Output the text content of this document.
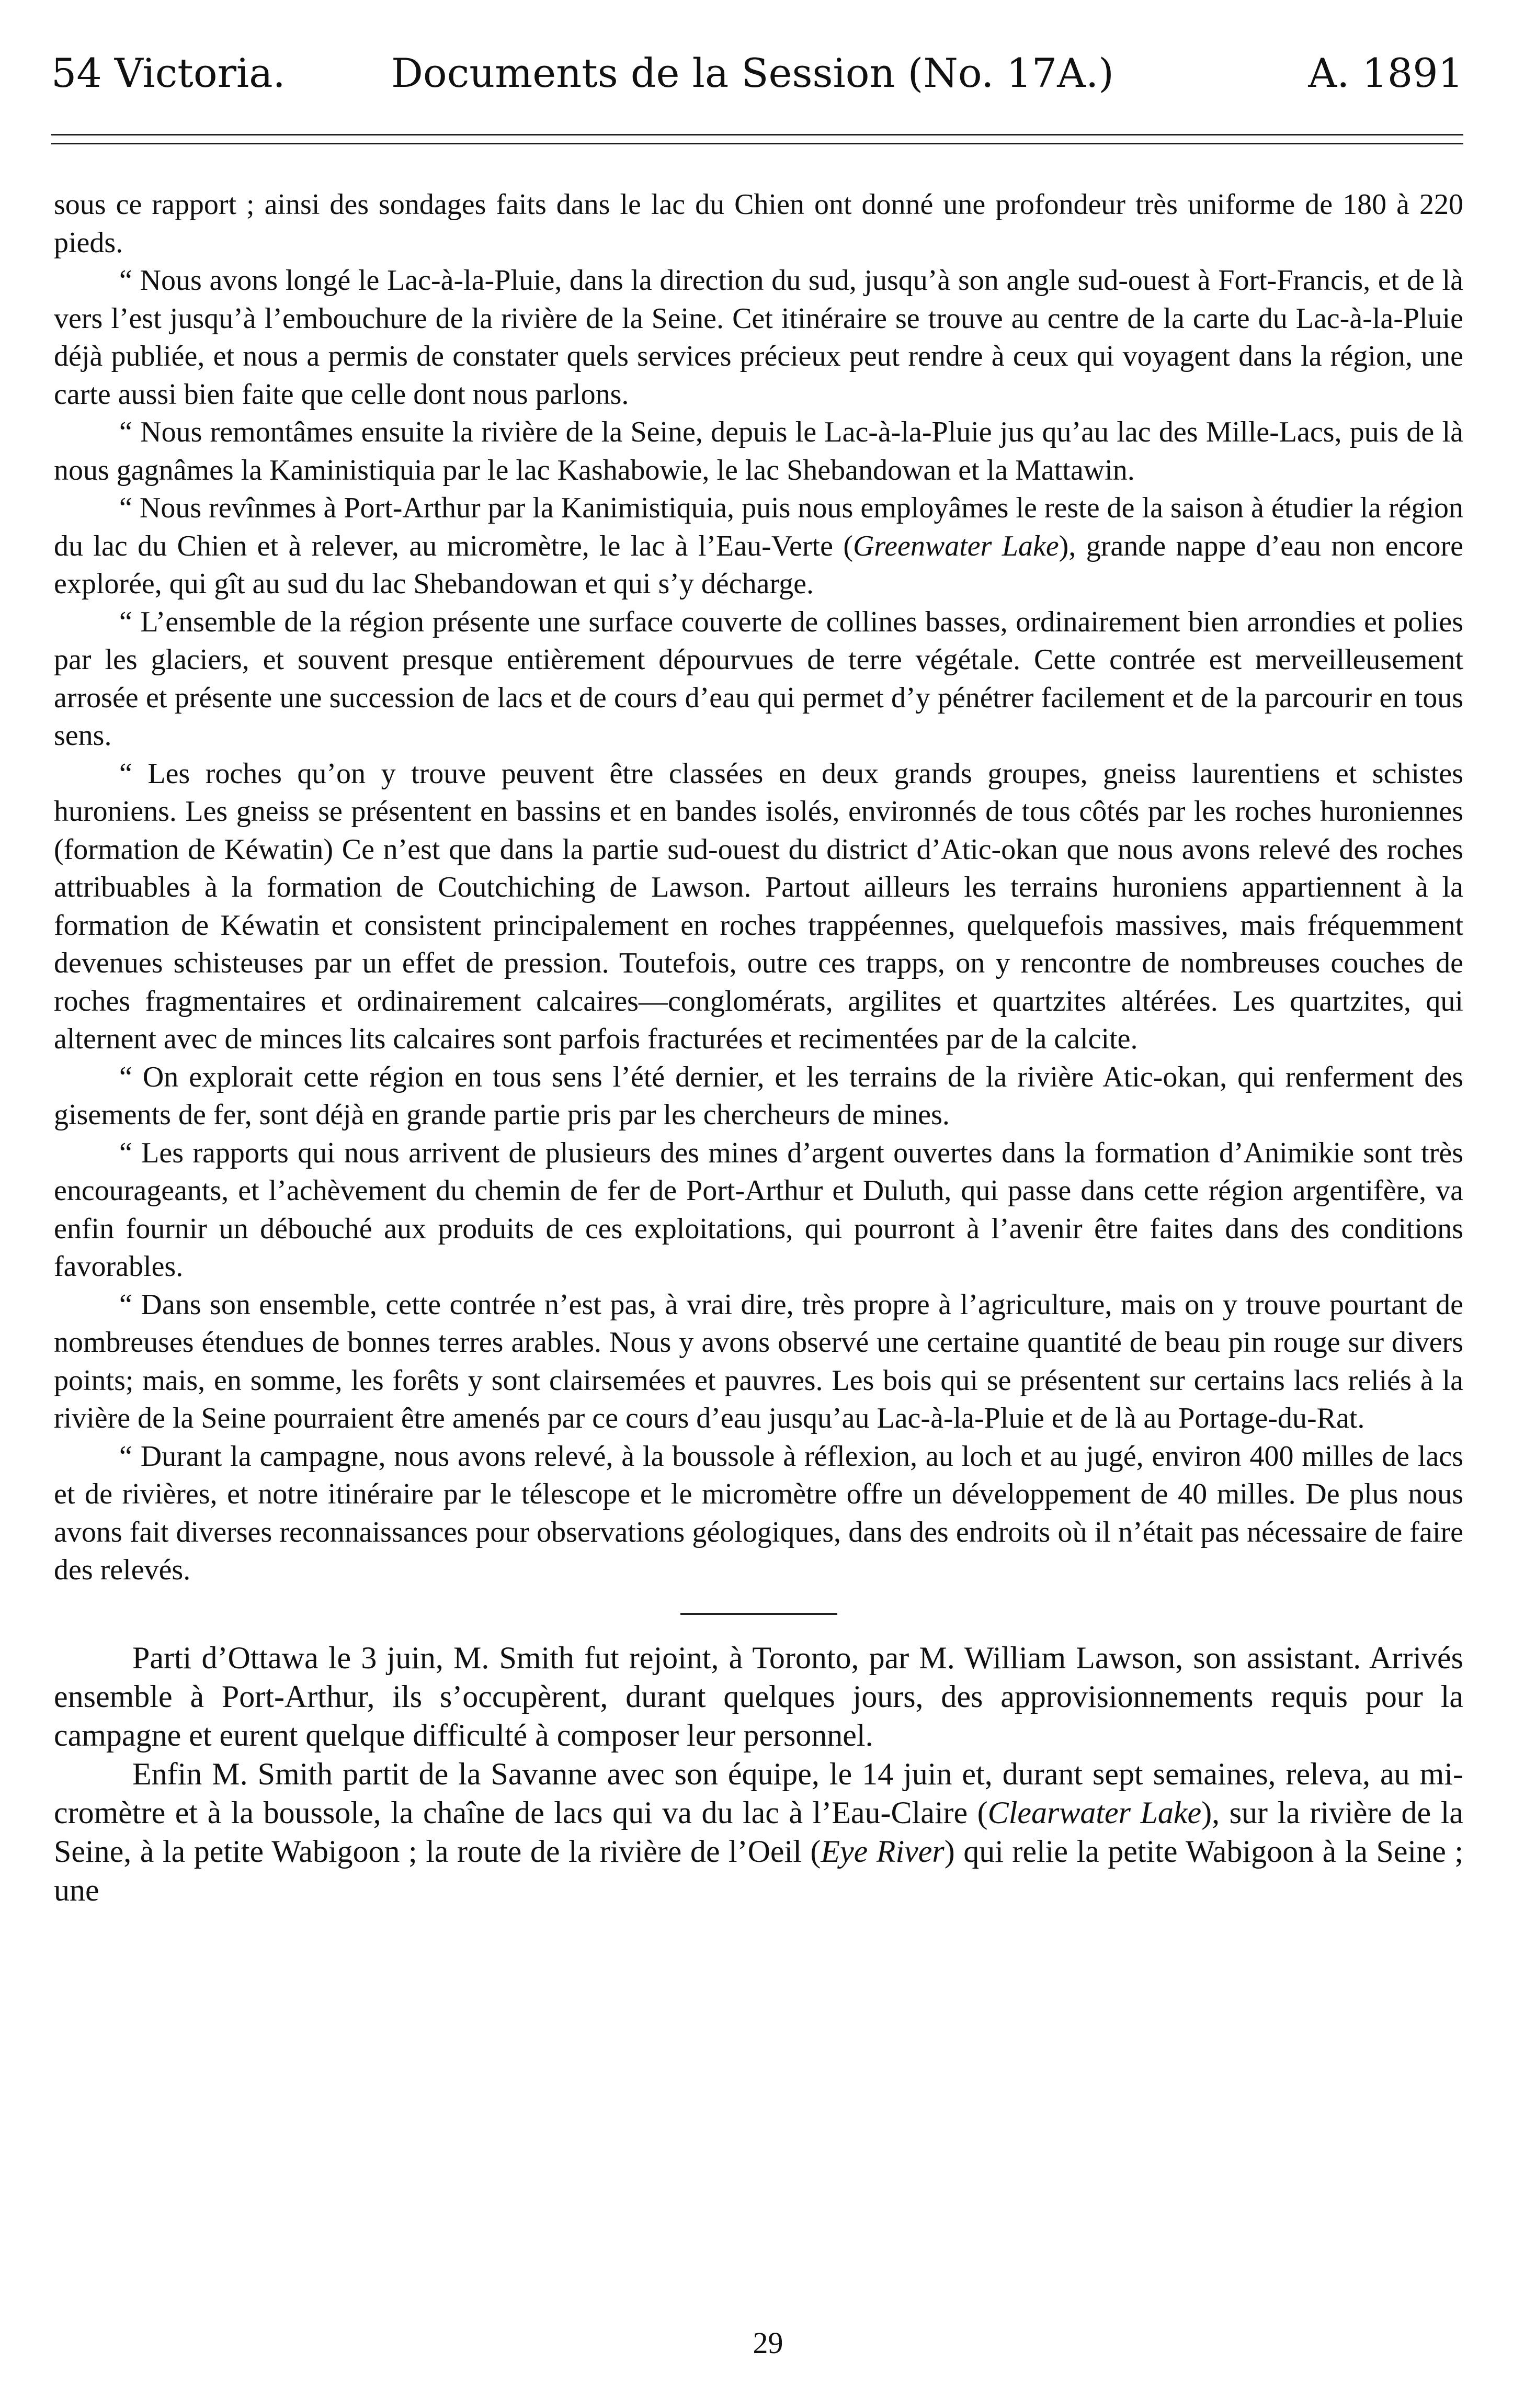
54 Victoria.	Documents de la Session (No. 17A.)	A. 1891

sous ce rapport ; ainsi des sondages faits dans le lac du Chien ont donné une profondeur très uniforme de 180 à 220 pieds.

“ Nous avons longé le Lac-à-la-Pluie, dans la direction du sud, jusqu’à son angle sud-ouest à Fort-Francis, et de là vers l’est jusqu’à l’embouchure de la rivière de la Seine. Cet itinéraire se trouve au centre de la carte du Lac-à-la-Pluie déjà publiée, et nous a permis de constater quels services précieux peut rendre à ceux qui voyagent dans la région, une carte aussi bien faite que celle dont nous parlons.

“ Nous remontâmes ensuite la rivière de la Seine, depuis le Lac-à-la-Pluie jus qu’au lac des Mille-Lacs, puis de là nous gagnâmes la Kaministiquia par le lac Kashabowie, le lac Shebandowan et la Mattawin.

“ Nous revînmes à Port-Arthur par la Kanimistiquia, puis nous employâmes le reste de la saison à étudier la région du lac du Chien et à relever, au micromètre, le lac à l’Eau-Verte (Greenwater Lake), grande nappe d’eau non encore explorée, qui gît au sud du lac Shebandowan et qui s’y décharge.

“ L’ensemble de la région présente une surface couverte de collines basses, ordinairement bien arrondies et polies par les glaciers, et souvent presque entièrement dépourvues de terre végétale. Cette contrée est merveilleusement arrosée et présente une succession de lacs et de cours d’eau qui permet d’y pénétrer facilement et de la parcourir en tous sens.

“ Les roches qu’on y trouve peuvent être classées en deux grands groupes, gneiss laurentiens et schistes huroniens. Les gneiss se présentent en bassins et en bandes isolés, environnés de tous côtés par les roches huroniennes (formation de Kéwatin) Ce n’est que dans la partie sud-ouest du district d’Atic-okan que nous avons relevé des roches attribuables à la formation de Coutchiching de Lawson. Partout ailleurs les terrains huroniens appartiennent à la formation de Kéwatin et consistent principalement en roches trappéennes, quelquefois massives, mais fréquemment devenues schisteuses par un effet de pression. Toutefois, outre ces trapps, on y rencontre de nombreuses couches de roches fragmentaires et ordinairement calcaires—conglomérats, argilites et quartzites altérées. Les quartzites, qui alternent avec de minces lits calcaires sont parfois fracturées et recimentées par de la calcite.

“ On explorait cette région en tous sens l’été dernier, et les terrains de la rivière Atic-okan, qui renferment des gisements de fer, sont déjà en grande partie pris par les chercheurs de mines.

“ Les rapports qui nous arrivent de plusieurs des mines d’argent ouvertes dans la formation d’Animikie sont très encourageants, et l’achèvement du chemin de fer de Port-Arthur et Duluth, qui passe dans cette région argentifère, va enfin fournir un débouché aux produits de ces exploitations, qui pourront à l’avenir être faites dans des conditions favorables.

“ Dans son ensemble, cette contrée n’est pas, à vrai dire, très propre à l’agriculture, mais on y trouve pourtant de nombreuses étendues de bonnes terres arables. Nous y avons observé une certaine quantité de beau pin rouge sur divers points; mais, en somme, les forêts y sont clairsemées et pauvres. Les bois qui se présentent sur certains lacs reliés à la rivière de la Seine pourraient être amenés par ce cours d’eau jusqu’au Lac-à-la-Pluie et de là au Portage-du-Rat.

“ Durant la campagne, nous avons relevé, à la boussole à réflexion, au loch et au jugé, environ 400 milles de lacs et de rivières, et notre itinéraire par le télescope et le micromètre offre un développement de 40 milles. De plus nous avons fait diverses reconnaissances pour observations géologiques, dans des endroits où il n’était pas nécessaire de faire des relevés.

Parti d’Ottawa le 3 juin, M. Smith fut rejoint, à Toronto, par M. William Lawson, son assistant. Arrivés ensemble à Port-Arthur, ils s’occupèrent, durant quelques jours, des approvisionnements requis pour la campagne et eurent quelque difficulté à composer leur personnel.

Enfin M. Smith partit de la Savanne avec son équipe, le 14 juin et, durant sept semaines, releva, au mi-cromètre et à la boussole, la chaîne de lacs qui va du lac à l’Eau-Claire (Clearwater Lake), sur la rivière de la Seine, à la petite Wabigoon ; la route de la rivière de l’Oeil (Eye River) qui relie la petite Wabigoon à la Seine ; une

29
